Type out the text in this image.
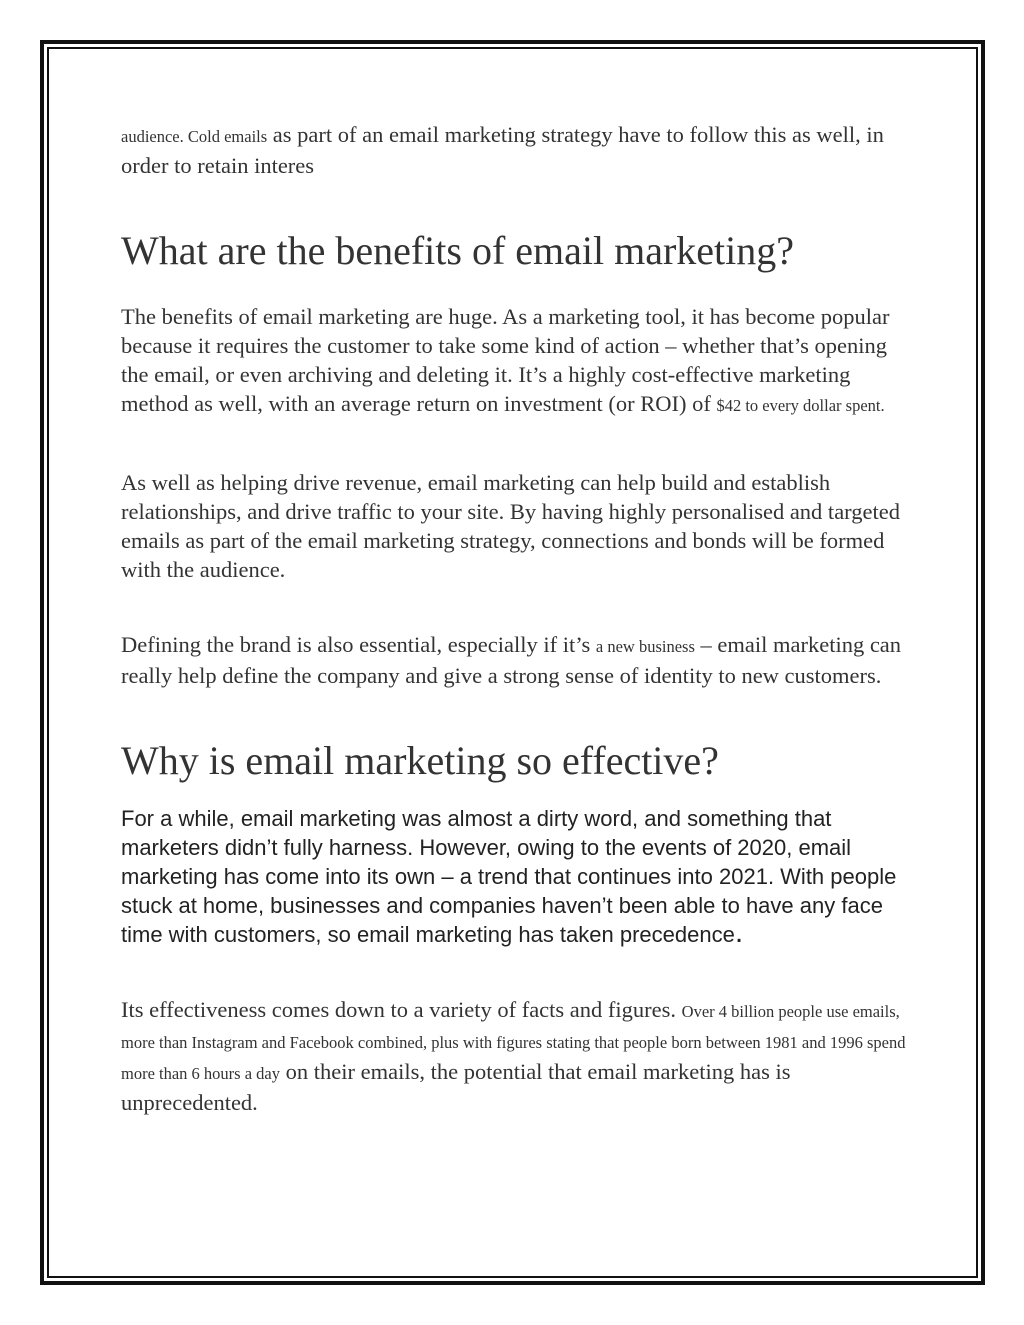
audience. Cold emails as part of an email marketing strategy have to follow this as well, in order to retain interes

What are the benefits of email marketing?

The benefits of email marketing are huge. As a marketing tool, it has become popular because it requires the customer to take some kind of action – whether that’s opening the email, or even archiving and deleting it. It’s a highly cost-effective marketing method as well, with an average return on investment (or ROI) of $42 to every dollar spent.

As well as helping drive revenue, email marketing can help build and establish relationships, and drive traffic to your site. By having highly personalised and targeted emails as part of the email marketing strategy, connections and bonds will be formed with the audience.

Defining the brand is also essential, especially if it’s a new business – email marketing can really help define the company and give a strong sense of identity to new customers.

Why is email marketing so effective?

For a while, email marketing was almost a dirty word, and something that marketers didn’t fully harness. However, owing to the events of 2020, email marketing has come into its own – a trend that continues into 2021. With people stuck at home, businesses and companies haven’t been able to have any face time with customers, so email marketing has taken precedence.

Its effectiveness comes down to a variety of facts and figures. Over 4 billion people use emails, more than Instagram and Facebook combined, plus with figures stating that people born between 1981 and 1996 spend more than 6 hours a day on their emails, the potential that email marketing has is unprecedented.
